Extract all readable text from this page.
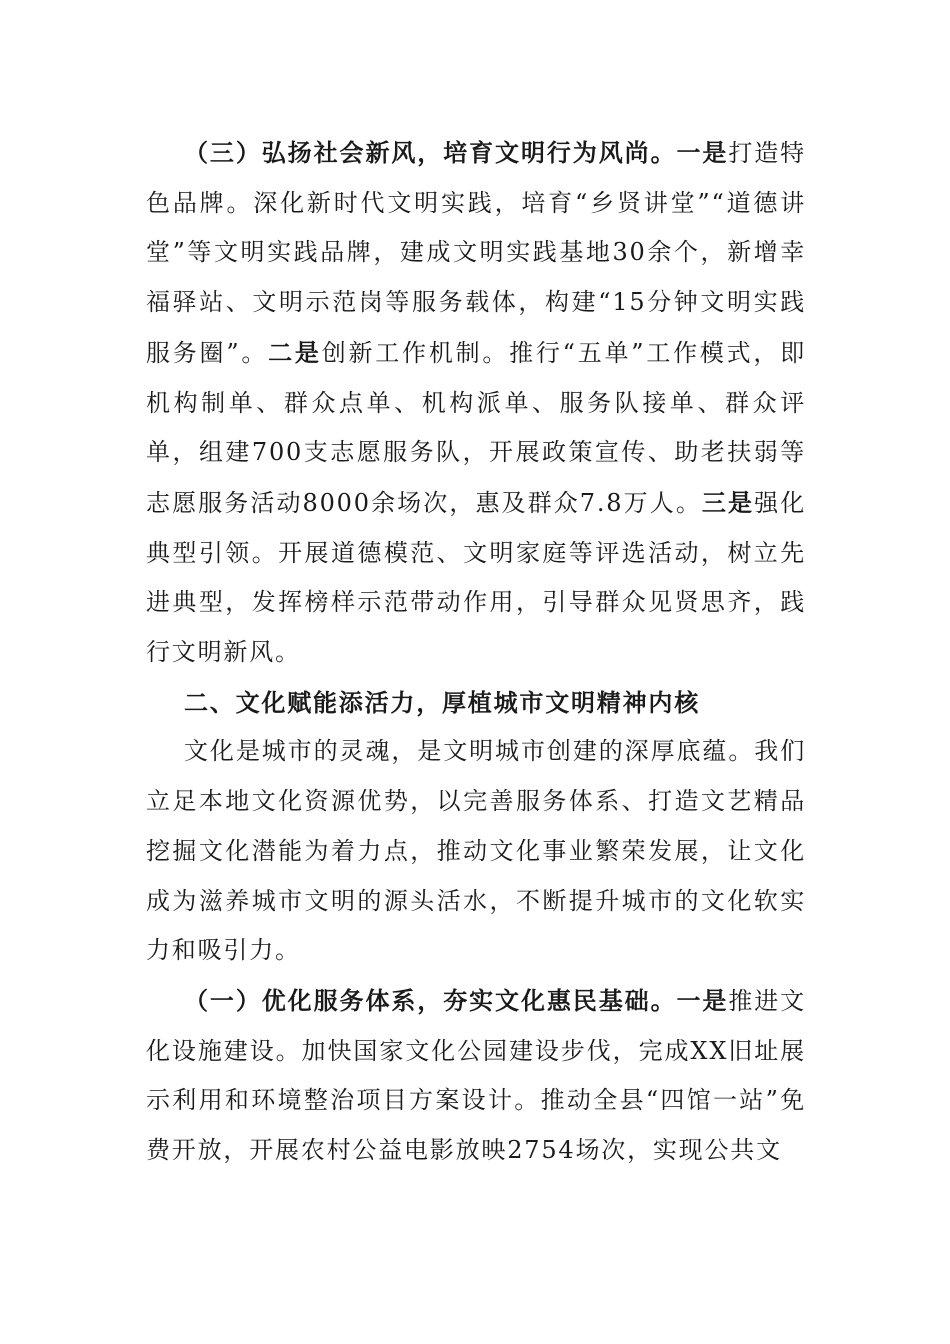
（三）弘扬社会新风，培育文明行为风尚。一是打造特色品牌。深化新时代文明实践，培育“乡贤讲堂”“道德讲堂”等文明实践品牌，建成文明实践基地30余个，新增幸福驿站、文明示范岗等服务载体，构建“15分钟文明实践服务圈”。二是创新工作机制。推行“五单”工作模式，即机构制单、群众点单、机构派单、服务队接单、群众评单，组建700支志愿服务队，开展政策宣传、助老扶弱等志愿服务活动8000余场次，惠及群众7.8万人。三是强化典型引领。开展道德模范、文明家庭等评选活动，树立先进典型，发挥榜样示范带动作用，引导群众见贤思齐，践行文明新风。

二、文化赋能添活力，厚植城市文明精神内核

文化是城市的灵魂，是文明城市创建的深厚底蕴。我们立足本地文化资源优势，以完善服务体系、打造文艺精品挖掘文化潜能为着力点，推动文化事业繁荣发展，让文化成为滋养城市文明的源头活水，不断提升城市的文化软实力和吸引力。

（一）优化服务体系，夯实文化惠民基础。一是推进文化设施建设。加快国家文化公园建设步伐，完成XX旧址展示利用和环境整治项目方案设计。推动全县“四馆一站”免费开放，开展农村公益电影放映2754场次，实现公共文
